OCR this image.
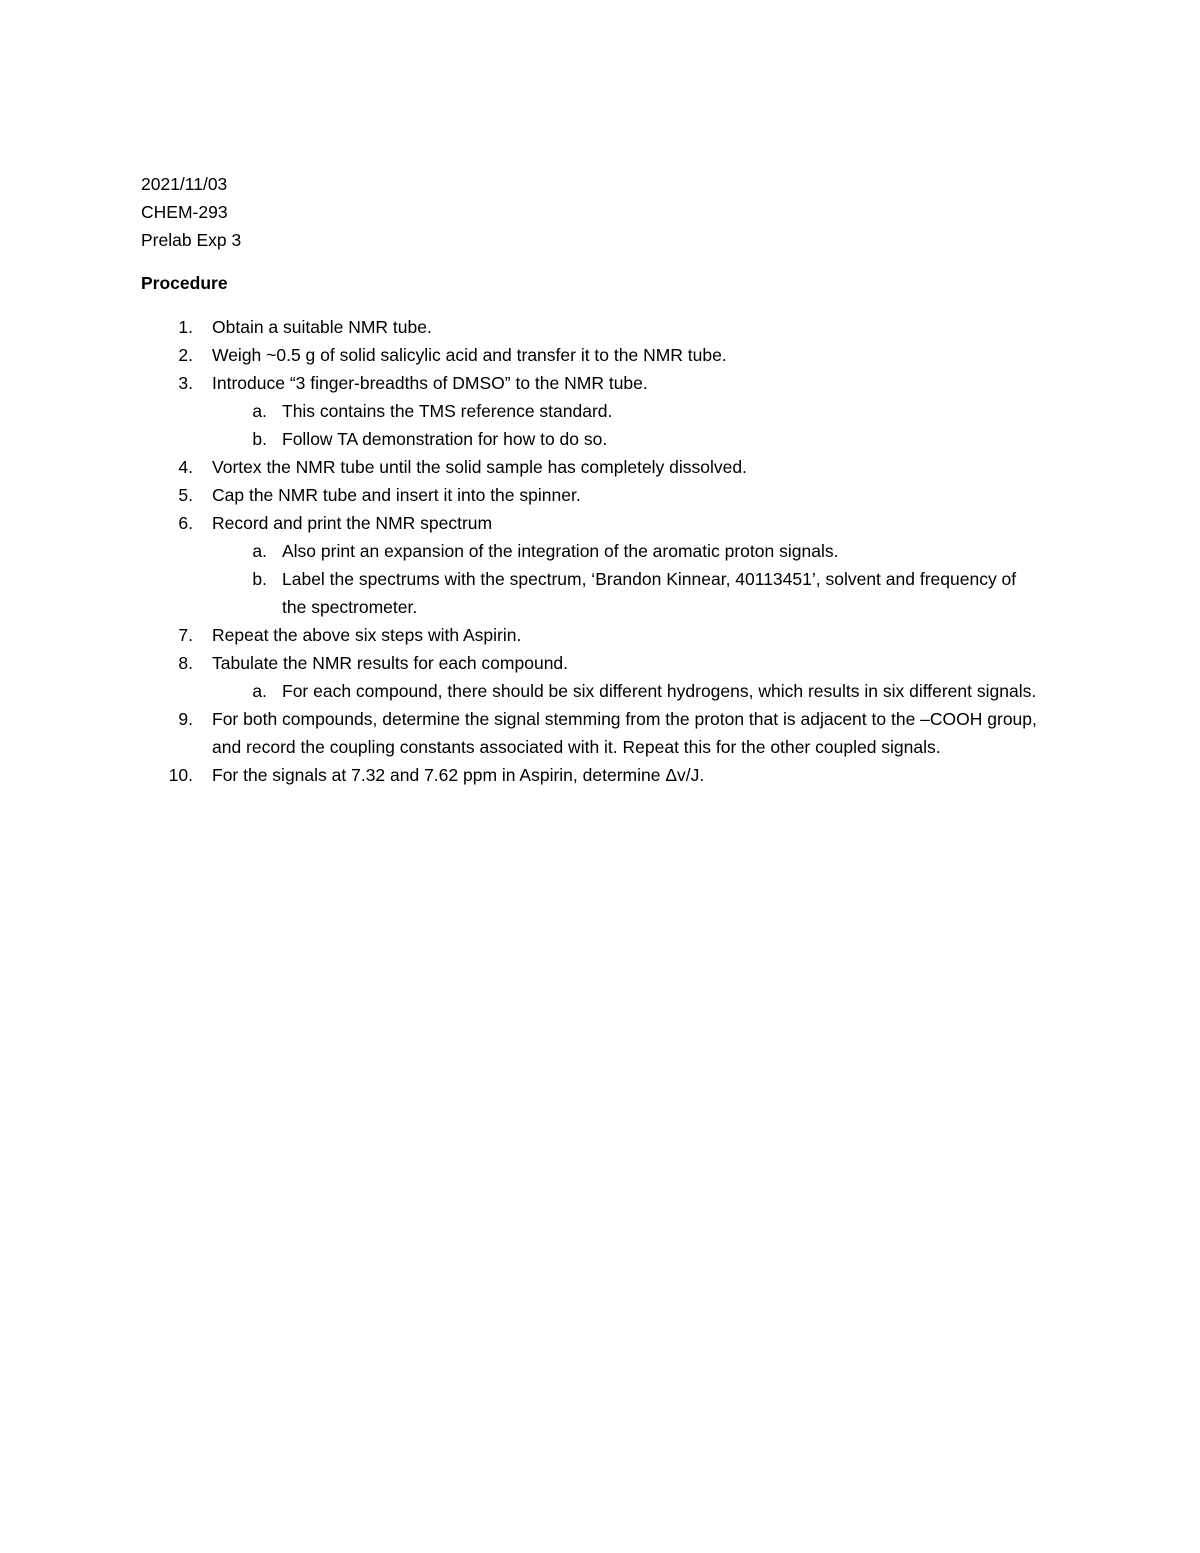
2021/11/03
CHEM-293
Prelab Exp 3
Procedure
1. Obtain a suitable NMR tube.
2. Weigh ~0.5 g of solid salicylic acid and transfer it to the NMR tube.
3. Introduce “3 finger-breadths of DMSO” to the NMR tube.
a. This contains the TMS reference standard.
b. Follow TA demonstration for how to do so.
4. Vortex the NMR tube until the solid sample has completely dissolved.
5. Cap the NMR tube and insert it into the spinner.
6. Record and print the NMR spectrum
a. Also print an expansion of the integration of the aromatic proton signals.
b. Label the spectrums with the spectrum, ‘Brandon Kinnear, 40113451’, solvent and frequency of the spectrometer.
7. Repeat the above six steps with Aspirin.
8. Tabulate the NMR results for each compound.
a. For each compound, there should be six different hydrogens, which results in six different signals.
9. For both compounds, determine the signal stemming from the proton that is adjacent to the –COOH group, and record the coupling constants associated with it. Repeat this for the other coupled signals.
10. For the signals at 7.32 and 7.62 ppm in Aspirin, determine Δv/J.
